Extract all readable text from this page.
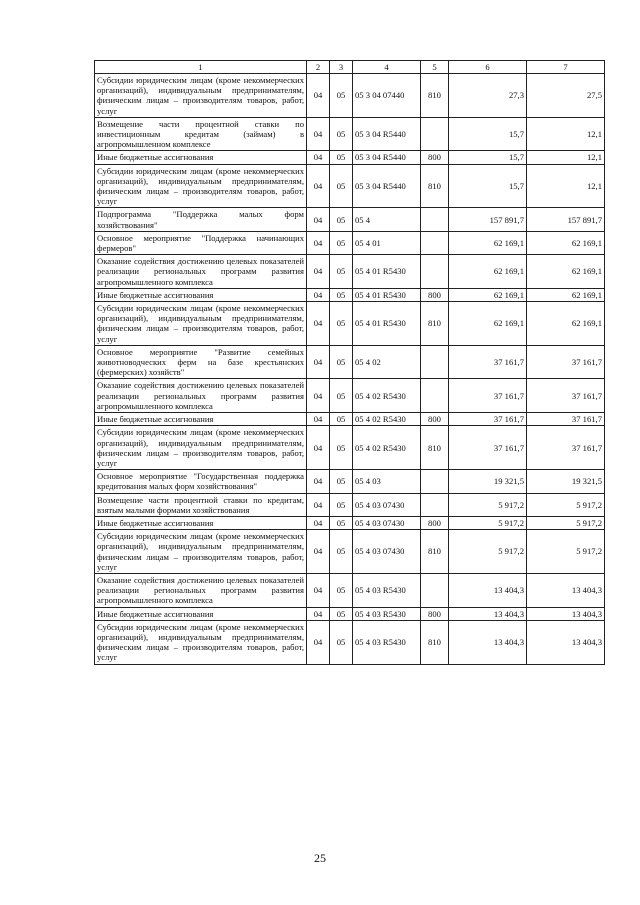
1	2	3	4	5	6	7
Субсидии юридическим лицам (кроме некоммерческих организаций), индивидуальным предпринимателям, физическим лицам – производителям товаров, работ, услуг	04	05	05 3 04 07440	810	27,3	27,5
Возмещение части процентной ставки по инвестиционным кредитам (займам) в агропромышленном комплексе	04	05	05 3 04 R5440		15,7	12,1
Иные бюджетные ассигнования	04	05	05 3 04 R5440	800	15,7	12,1
Субсидии юридическим лицам (кроме некоммерческих организаций), индивидуальным предпринимателям, физическим лицам – производителям товаров, работ, услуг	04	05	05 3 04 R5440	810	15,7	12,1
Подпрограмма "Поддержка малых форм хозяйствования"	04	05	05 4		157 891,7	157 891,7
Основное мероприятие "Поддержка начинающих фермеров"	04	05	05 4 01		62 169,1	62 169,1
Оказание содействия достижению целевых показателей реализации региональных программ развития агропромышленного комплекса	04	05	05 4 01 R5430		62 169,1	62 169,1
Иные бюджетные ассигнования	04	05	05 4 01 R5430	800	62 169,1	62 169,1
Субсидии юридическим лицам (кроме некоммерческих организаций), индивидуальным предпринимателям, физическим лицам – производителям товаров, работ, услуг	04	05	05 4 01 R5430	810	62 169,1	62 169,1
Основное мероприятие "Развитие семейных животноводческих ферм на базе крестьянских (фермерских) хозяйств"	04	05	05 4 02		37 161,7	37 161,7
Оказание содействия достижению целевых показателей реализации региональных программ развития агропромышленного комплекса	04	05	05 4 02 R5430		37 161,7	37 161,7
Иные бюджетные ассигнования	04	05	05 4 02 R5430	800	37 161,7	37 161,7
Субсидии юридическим лицам (кроме некоммерческих организаций), индивидуальным предпринимателям, физическим лицам – производителям товаров, работ, услуг	04	05	05 4 02 R5430	810	37 161,7	37 161,7
Основное мероприятие "Государственная поддержка кредитования малых форм хозяйствования"	04	05	05 4 03		19 321,5	19 321,5
Возмещение части процентной ставки по кредитам, взятым малыми формами хозяйствования	04	05	05 4 03 07430		5 917,2	5 917,2
Иные бюджетные ассигнования	04	05	05 4 03 07430	800	5 917,2	5 917,2
Субсидии юридическим лицам (кроме некоммерческих организаций), индивидуальным предпринимателям, физическим лицам – производителям товаров, работ, услуг	04	05	05 4 03 07430	810	5 917,2	5 917,2
Оказание содействия достижению целевых показателей реализации региональных программ развития агропромышленного комплекса	04	05	05 4 03 R5430		13 404,3	13 404,3
Иные бюджетные ассигнования	04	05	05 4 03 R5430	800	13 404,3	13 404,3
Субсидии юридическим лицам (кроме некоммерческих организаций), индивидуальным предпринимателям, физическим лицам – производителям товаров, работ, услуг	04	05	05 4 03 R5430	810	13 404,3	13 404,3
25
